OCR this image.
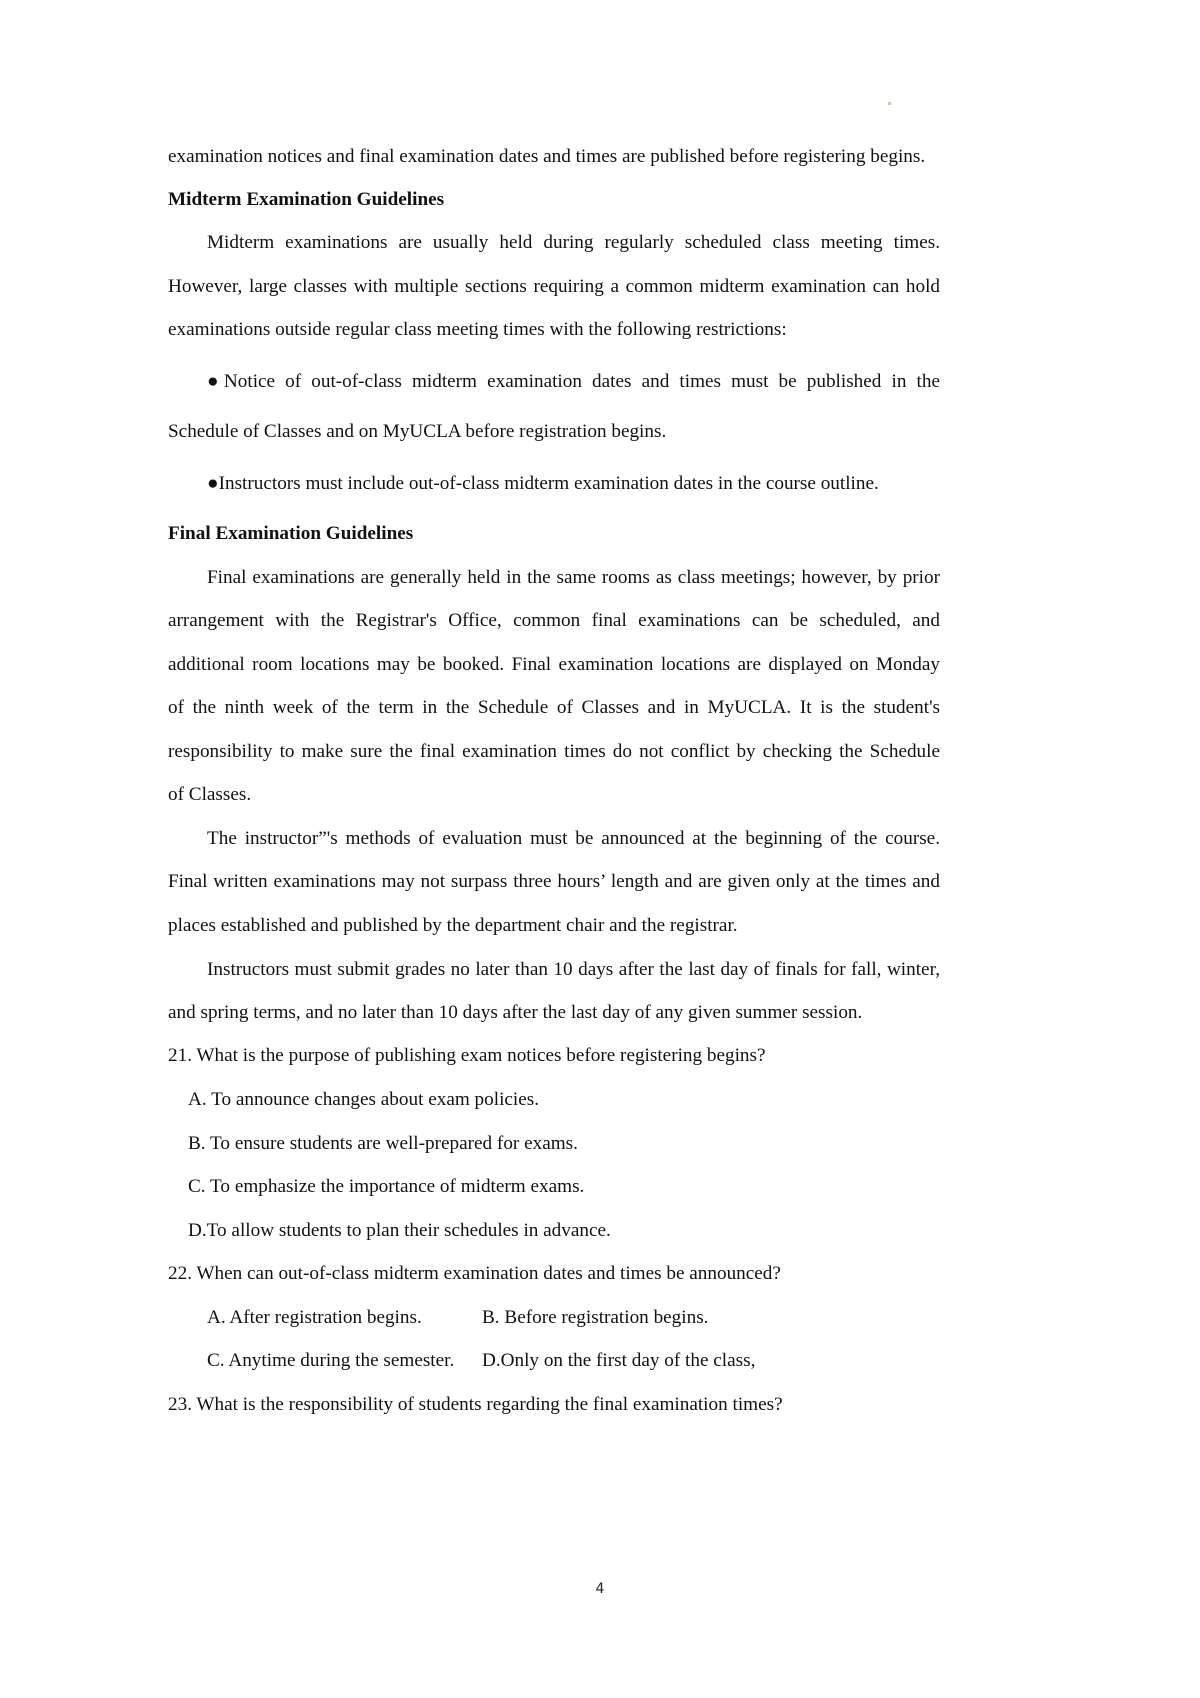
examination notices and final examination dates and times are published before registering begins.
Midterm Examination Guidelines
Midterm examinations are usually held during regularly scheduled class meeting times.
However, large classes with multiple sections requiring a common midterm examination can hold
examinations outside regular class meeting times with the following restrictions:
●Notice of out-of-class midterm examination dates and times must be published in the
Schedule of Classes and on MyUCLA before registration begins.
●Instructors must include out-of-class midterm examination dates in the course outline.
Final Examination Guidelines
Final examinations are generally held in the same rooms as class meetings; however, by prior
arrangement with the Registrar's Office, common final examinations can be scheduled, and
additional room locations may be booked. Final examination locations are displayed on Monday
of the ninth week of the term in the Schedule of Classes and in MyUCLA. It is the student's
responsibility to make sure the final examination times do not conflict by checking the Schedule
of Classes.
The instructor”'s methods of evaluation must be announced at the beginning of the course.
Final written examinations may not surpass three hours’ length and are given only at the times and
places established and published by the department chair and the registrar.
Instructors must submit grades no later than 10 days after the last day of finals for fall, winter,
and spring terms, and no later than 10 days after the last day of any given summer session.
21. What is the purpose of publishing exam notices before registering begins?
A. To announce changes about exam policies.
B. To ensure students are well-prepared for exams.
C. To emphasize the importance of midterm exams.
D.To allow students to plan their schedules in advance.
22. When can out-of-class midterm examination dates and times be announced?
A. After registration begins.	B. Before registration begins.
C. Anytime during the semester. D.Only on the first day of the class,
23. What is the responsibility of students regarding the final examination times?
4
